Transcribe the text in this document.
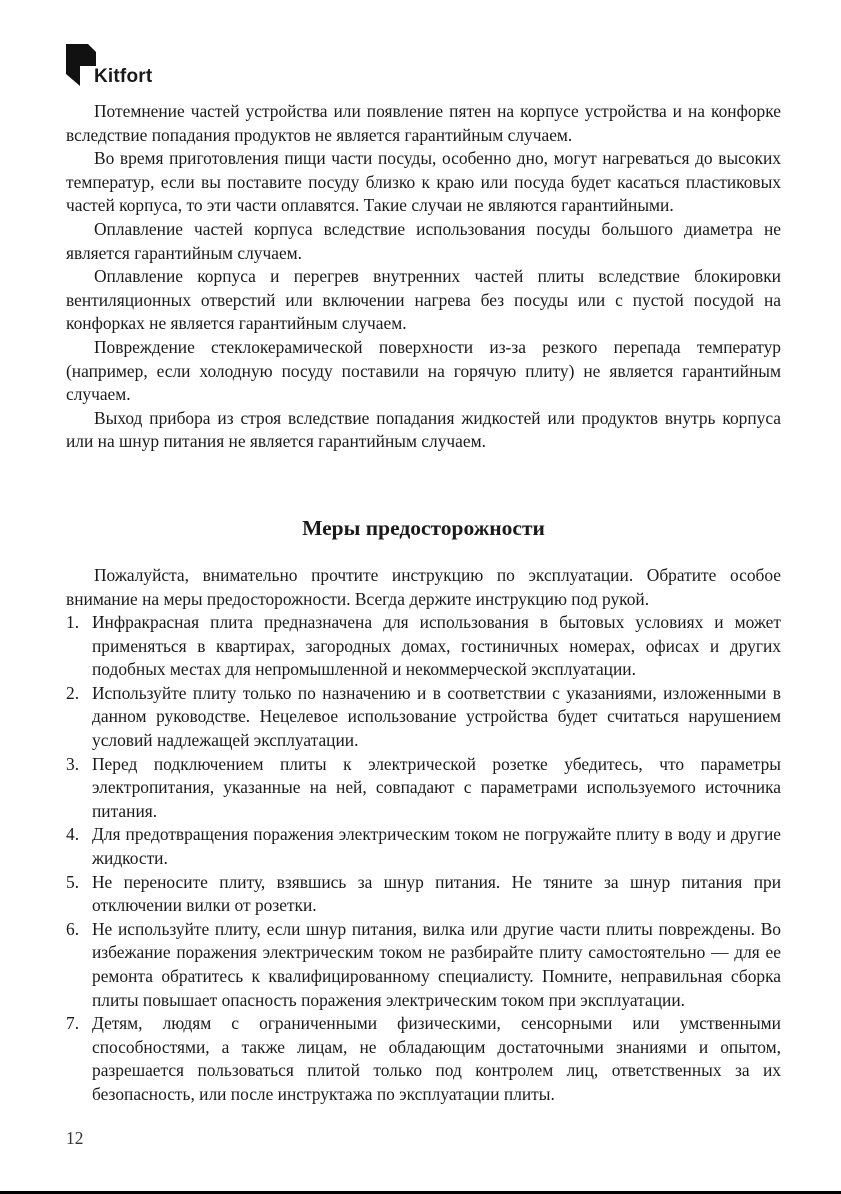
Kitfort

Потемнение частей устройства или появление пятен на корпусе устройства и на конфорке вследствие попадания продуктов не является гарантийным случаем.

Во время приготовления пищи части посуды, особенно дно, могут нагреваться до высоких температур, если вы поставите посуду близко к краю или посуда будет касаться пластиковых частей корпуса, то эти части оплавятся. Такие случаи не являются гарантийными.

Оплавление частей корпуса вследствие использования посуды большого диаметра не является гарантийным случаем.

Оплавление корпуса и перегрев внутренних частей плиты вследствие блокировки вентиляционных отверстий или включении нагрева без посуды или с пустой посудой на конфорках не является гарантийным случаем.

Повреждение стеклокерамической поверхности из-за резкого перепада температур (например, если холодную посуду поставили на горячую плиту) не является гарантийным случаем.

Выход прибора из строя вследствие попадания жидкостей или продуктов внутрь корпуса или на шнур питания не является гарантийным случаем.

Меры предосторожности

Пожалуйста, внимательно прочтите инструкцию по эксплуатации. Обратите особое внимание на меры предосторожности. Всегда держите инструкцию под рукой.

1. Инфракрасная плита предназначена для использования в бытовых условиях и может применяться в квартирах, загородных домах, гостиничных номерах, офисах и других подобных местах для непромышленной и некоммерческой эксплуатации.
2. Используйте плиту только по назначению и в соответствии с указаниями, изложенными в данном руководстве. Нецелевое использование устройства будет считаться нарушением условий надлежащей эксплуатации.
3. Перед подключением плиты к электрической розетке убедитесь, что параметры электропитания, указанные на ней, совпадают с параметрами используемого источника питания.
4. Для предотвращения поражения электрическим током не погружайте плиту в воду и другие жидкости.
5. Не переносите плиту, взявшись за шнур питания. Не тяните за шнур питания при отключении вилки от розетки.
6. Не используйте плиту, если шнур питания, вилка или другие части плиты повреждены. Во избежание поражения электрическим током не разбирайте плиту самостоятельно — для ее ремонта обратитесь к квалифицированному специалисту. Помните, неправильная сборка плиты повышает опасность поражения электрическим током при эксплуатации.
7. Детям, людям с ограниченными физическими, сенсорными или умственными способностями, а также лицам, не обладающим достаточными знаниями и опытом, разрешается пользоваться плитой только под контролем лиц, ответственных за их безопасность, или после инструктажа по эксплуатации плиты.
12
